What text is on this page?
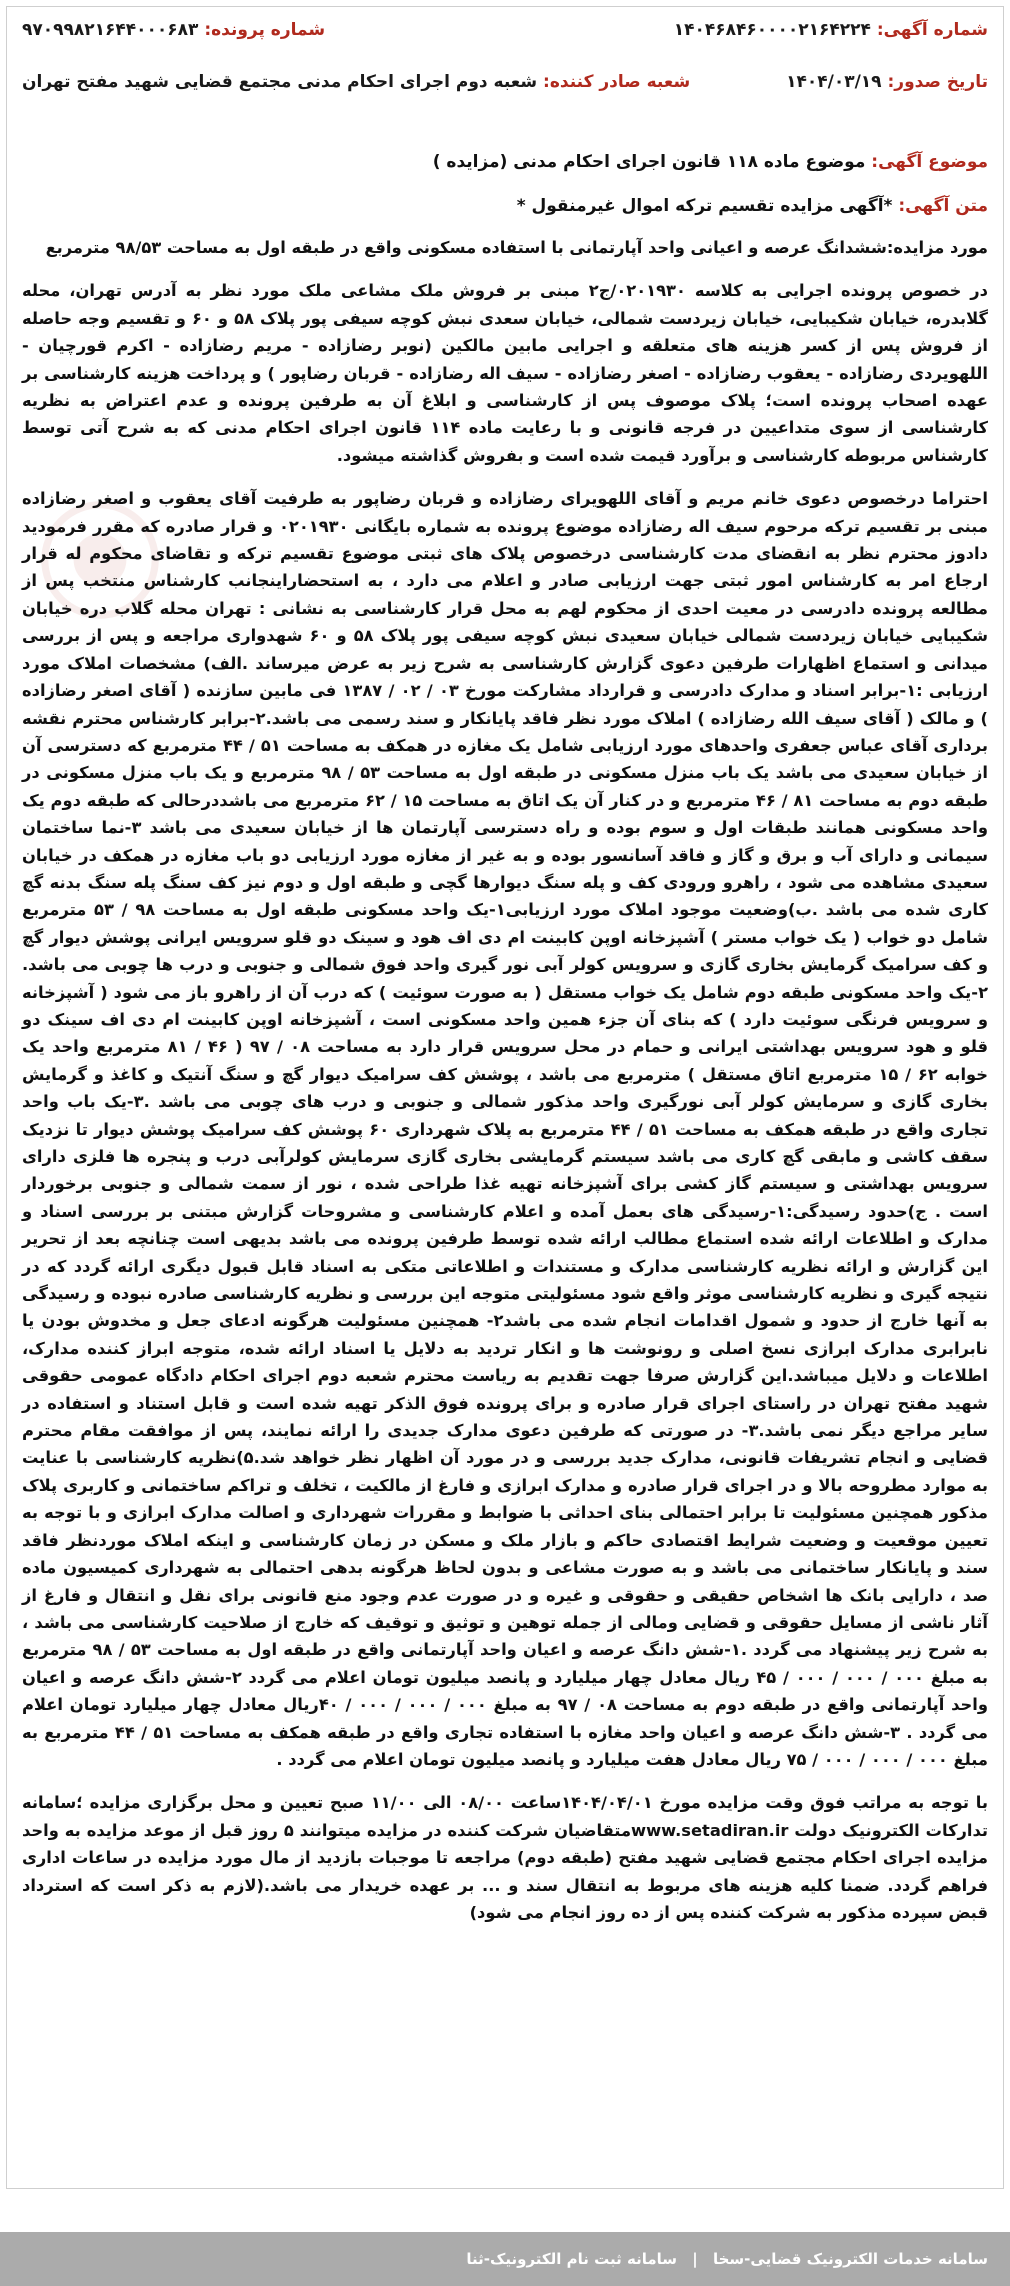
شماره آگهی: ۱۴۰۴۶۸۴۶۰۰۰۰۲۱۶۴۲۲۴
شماره پرونده: ۹۷۰۹۹۸۲۱۶۴۴۰۰۰۶۸۳
تاریخ صدور: ۱۴۰۴/۰۳/۱۹
شعبه صادر کننده: شعبه دوم اجرای احکام مدنی مجتمع قضایی شهید مفتح تهران
موضوع آگهی: موضوع ماده ۱۱۸ قانون اجرای احکام مدنی (مزایده )
متن آگهی: *آگهی مزایده تقسیم ترکه اموال غیرمنقول *

مورد مزایده:ششدانگ عرصه و اعیانی واحد آپارتمانی با استفاده مسکونی واقع در طبقه اول به مساحت ۹۸/۵۳ مترمربع

در خصوص پرونده اجرایی به کلاسه ۰۲۰۱۹۳۰/ج۲ مبنی بر فروش ملک مشاعی ملک مورد نظر به آدرس تهران، محله گلابدره، خیابان شکیبایی، خیابان زیردست شمالی، خیابان سعدی نبش کوچه سیفی پور پلاک ۵۸ و ۶۰ و تقسیم وجه حاصله از فروش پس از کسر هزینه های متعلقه و اجرایی مابین مالکین (نوبر رضازاده - مریم رضازاده - اکرم قورچیان - اللهویردی رضازاده - یعقوب رضازاده - اصغر رضازاده - سیف اله رضازاده - قربان رضاپور ) و پرداخت هزینه کارشناسی بر عهده اصحاب پرونده است؛ پلاک موصوف پس از کارشناسی و ابلاغ آن به طرفین پرونده و عدم اعتراض به نظریه کارشناسی از سوی متداعیین در فرجه قانونی و با رعایت ماده ۱۱۴ قانون اجرای احکام مدنی که به شرح آتی توسط کارشناس مربوطه کارشناسی و برآورد قیمت شده است و بفروش گذاشته میشود.

احتراما درخصوص دعوی خانم مریم و آقای اللهویرای رضازاده و قربان رضاپور به طرفیت آقای یعقوب و اصغر رضازاده مبنی بر تقسیم ترکه مرحوم سیف اله رضازاده موضوع پرونده به شماره بایگانی ۰۲۰۱۹۳۰ و قرار صادره که مقرر فرمودید دادوز محترم نظر به انقضای مدت کارشناسی درخصوص پلاک های ثبتی موضوع تقسیم ترکه و تقاضای محکوم له قرار ارجاع امر به کارشناس امور ثبتی جهت ارزیابی صادر و اعلام می دارد ، به استحضاراینجانب کارشناس منتخب پس از مطالعه پرونده دادرسی در معیت احدی از محکوم لهم به محل قرار کارشناسی به نشانی : تهران محله گلاب دره خیابان شکیبایی خیابان زیردست شمالی خیابان سعیدی نبش کوچه سیفی پور پلاک ۵۸ و ۶۰ شهدواری مراجعه و پس از بررسی میدانی و استماع اظهارات طرفین دعوی گزارش کارشناسی به شرح زیر به عرض میرساند .الف) مشخصات املاک مورد ارزیابی :۱-برابر اسناد و مدارک دادرسی و قرارداد مشارکت مورخ ۰۳ / ۰۲ / ۱۳۸۷ فی مابین سازنده ( آقای اصغر رضازاده ) و مالک ( آقای سیف الله رضازاده ) املاک مورد نظر فاقد پایانکار و سند رسمی می باشد.۲-برابر کارشناس محترم نقشه برداری آقای عباس جعفری واحدهای مورد ارزیابی شامل یک مغازه در همکف به مساحت ۵۱ / ۴۴ مترمربع که دسترسی آن از خیابان سعیدی می باشد یک باب منزل مسکونی در طبقه اول به مساحت ۵۳ / ۹۸ مترمربع و یک باب منزل مسکونی در طبقه دوم به مساحت ۸۱ / ۴۶ مترمربع و در کنار آن یک اتاق به مساحت ۱۵ / ۶۲ مترمربع می باشددرحالی که طبقه دوم یک واحد مسکونی همانند طبقات اول و سوم بوده و راه دسترسی آپارتمان ها از خیابان سعیدی می باشد ۳-نما ساختمان سیمانی و دارای آب و برق و گاز و فاقد آسانسور بوده و به غیر از مغازه مورد ارزیابی دو باب مغازه در همکف در خیابان سعیدی مشاهده می شود ، راهرو ورودی کف و پله سنگ دیوارها گچی و طبقه اول و دوم نیز کف سنگ پله سنگ بدنه گچ کاری شده می باشد .ب)وضعیت موجود املاک مورد ارزیابی۱-یک واحد مسکونی طبقه اول به مساحت ۹۸ / ۵۳ مترمربع شامل دو خواب ( یک خواب مستر ) آشپزخانه اوپن کابینت ام دی اف هود و سینک دو قلو سرویس ایرانی پوشش دیوار گچ و کف سرامیک گرمایش بخاری گازی و سرویس کولر آبی نور گیری واحد فوق شمالی و جنوبی و درب ها چوبی می باشد. ۲-یک واحد مسکونی طبقه دوم شامل یک خواب مستقل ( به صورت سوئیت ) که درب آن از راهرو باز می شود ( آشپزخانه و سرویس فرنگی سوئیت دارد ) که بنای آن جزء همین واحد مسکونی است ، آشپزخانه اوپن کابینت ام دی اف سینک دو قلو و هود سرویس بهداشتی ایرانی و حمام در محل سرویس قرار دارد به مساحت ۰۸ / ۹۷ ( ۴۶ / ۸۱ مترمربع واحد یک خوابه ۶۲ / ۱۵ مترمربع اتاق مستقل ) مترمربع می باشد ، پوشش کف سرامیک دیوار گچ و سنگ آنتیک و کاغذ و گرمایش بخاری گازی و سرمایش کولر آبی نورگیری واحد مذکور شمالی و جنوبی و درب های چوبی می باشد .۳-یک باب واحد تجاری واقع در طبقه همکف به مساحت ۵۱ / ۴۴ مترمربع به پلاک شهرداری ۶۰ پوشش کف سرامیک پوشش دیوار تا نزدیک سقف کاشی و مابقی گچ کاری می باشد سیستم گرمایشی بخاری گازی سرمایش کولرآبی درب و پنجره ها فلزی دارای سرویس بهداشتی و سیستم گاز کشی برای آشپزخانه تهیه غذا طراحی شده ، نور از سمت شمالی و جنوبی برخوردار است . ج)حدود رسیدگی:۱-رسیدگی های بعمل آمده و اعلام کارشناسی و مشروحات گزارش مبتنی بر بررسی اسناد و مدارک و اطلاعات ارائه شده استماع مطالب ارائه شده توسط طرفین پرونده می باشد بدیهی است چنانچه بعد از تحریر این گزارش و ارائه نظریه کارشناسی مدارک و مستندات و اطلاعاتی متکی به اسناد قابل قبول دیگری ارائه گردد که در نتیجه گیری و نظریه کارشناسی موثر واقع شود مسئولیتی متوجه این بررسی و نظریه کارشناسی صادره نبوده و رسیدگی به آنها خارج از حدود و شمول اقدامات انجام شده می باشد۲- همچنین مسئولیت هرگونه ادعای جعل و مخدوش بودن یا نابرابری مدارک ابرازی نسخ اصلی و رونوشت ها و انکار تردید به دلایل یا اسناد ارائه شده، متوجه ابراز کننده مدارک، اطلاعات و دلایل میباشد.این گزارش صرفا جهت تقدیم به ریاست محترم شعبه دوم اجرای احکام دادگاه عمومی حقوقی شهید مفتح تهران در راستای اجرای قرار صادره و برای پرونده فوق الذکر تهیه شده است و قابل استناد و استفاده در سایر مراجع دیگر نمی باشد.۳- در صورتی که طرفین دعوی مدارک جدیدی را ارائه نمایند، پس از موافقت مقام محترم قضایی و انجام تشریفات قانونی، مدارک جدید بررسی و در مورد آن اظهار نظر خواهد شد.۵)نظریه کارشناسی با عنایت به موارد مطروحه بالا و در اجرای قرار صادره و مدارک ابرازی و فارغ از مالکیت ، تخلف و تراکم ساختمانی و کاربری پلاک مذکور همچنین مسئولیت تا برابر احتمالی بنای احداثی با ضوابط و مقررات شهرداری و اصالت مدارک ابرازی و با توجه به تعیین موقعیت و وضعیت شرایط اقتصادی حاکم و بازار ملک و مسکن در زمان کارشناسی و اینکه املاک موردنظر فاقد سند و پایانکار ساختمانی می باشد و به صورت مشاعی و بدون لحاظ هرگونه بدهی احتمالی به شهرداری کمیسیون ماده صد ، دارایی بانک ها اشخاص حقیقی و حقوقی و غیره و در صورت عدم وجود منع قانونی برای نقل و انتقال و فارغ از آثار ناشی از مسایل حقوقی و قضایی ومالی از جمله توهین و توثیق و توقیف که خارج از صلاحیت کارشناسی می باشد ، به شرح زیر پیشنهاد می گردد .۱-شش دانگ عرصه و اعیان واحد آپارتمانی واقع در طبقه اول به مساحت ۵۳ / ۹۸ مترمربع به مبلغ ۰۰۰ / ۰۰۰ / ۰۰۰ / ۴۵ ریال معادل چهار میلیارد و پانصد میلیون تومان اعلام می گردد ۲-شش دانگ عرصه و اعیان واحد آپارتمانی واقع در طبقه دوم به مساحت ۰۸ / ۹۷ به مبلغ ۰۰۰ / ۰۰۰ / ۰۰۰ / ۴۰ریال معادل چهار میلیارد تومان اعلام می گردد . ۳-شش دانگ عرصه و اعیان واحد مغازه با استفاده تجاری واقع در طبقه همکف به مساحت ۵۱ / ۴۴ مترمربع به مبلغ ۰۰۰ / ۰۰۰ / ۰۰۰ / ۷۵ ریال معادل هفت میلیارد و پانصد میلیون تومان اعلام می گردد .

با توجه به مراتب فوق وقت مزایده مورخ ۱۴۰۴/۰۴/۰۱ساعت ۰۸/۰۰ الی ۱۱/۰۰ صبح تعیین و محل برگزاری مزایده ؛سامانه تدارکات الکترونیک دولت www.setadiran.irمتقاضیان شرکت کننده در مزایده میتوانند ۵ روز قبل از موعد مزایده به واحد مزایده اجرای احکام مجتمع قضایی شهید مفتح (طبقه دوم) مراجعه تا موجبات بازدید از مال مورد مزایده در ساعات اداری فراهم گردد. ضمنا کلیه هزینه های مربوط به انتقال سند و ... بر عهده خریدار می باشد.(لازم به ذکر است که استرداد قبض سپرده مذکور به شرکت کننده پس از ده روز انجام می شود)

سامانه خدمات الکترونیک قضایی-سخا | سامانه ثبت نام الکترونیک-ثنا
